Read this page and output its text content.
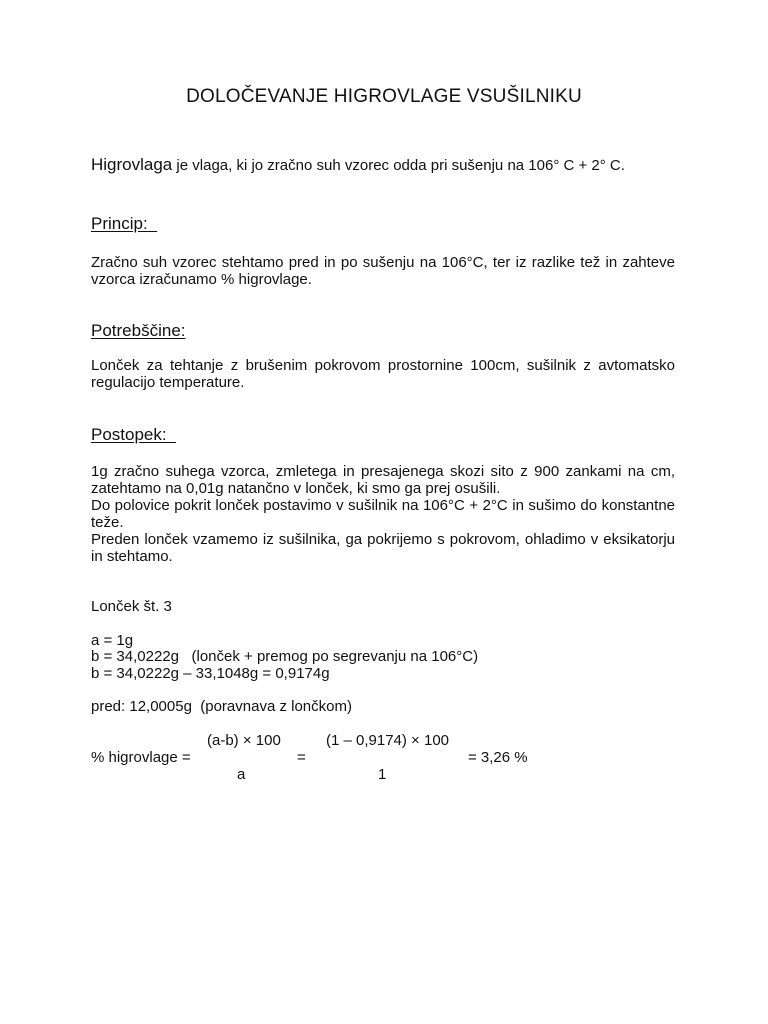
DOLOČEVANJE HIGROVLAGE VSUŠILNIKU

Higrovlaga je vlaga, ki jo zračno suh vzorec odda pri sušenju na 106° C + 2° C.

Princip:

Zračno suh vzorec stehtamo pred in po sušenju na 106°C, ter iz razlike tež in zahteve vzorca izračunamo % higrovlage.

Potrebščine:

Lonček za tehtanje z brušenim pokrovom prostornine 100cm, sušilnik z avtomatsko regulacijo temperature.

Postopek:

1g zračno suhega vzorca, zmletega in presajenega skozi sito z 900 zankami na cm, zatehtamo na 0,01g natančno v lonček, ki smo ga prej osušili.

Do polovice pokrit lonček postavimo v sušilnik na 106°C + 2°C in sušimo do konstantne teže.

Preden lonček vzamemo iz sušilnika, ga pokrijemo s pokrovom, ohladimo v eksikatorju in stehtamo.

Lonček št. 3

a = 1g

b = 34,0222g   (lonček + premog po segrevanju na 106°C)

b = 34,0222g – 33,1048g = 0,9174g

pred: 12,0005g  (poravnava z lončkom)

(a-b) × 100	(1 – 0,9174) × 100
% higrovlage =	=	= 3,26 %
a	1
